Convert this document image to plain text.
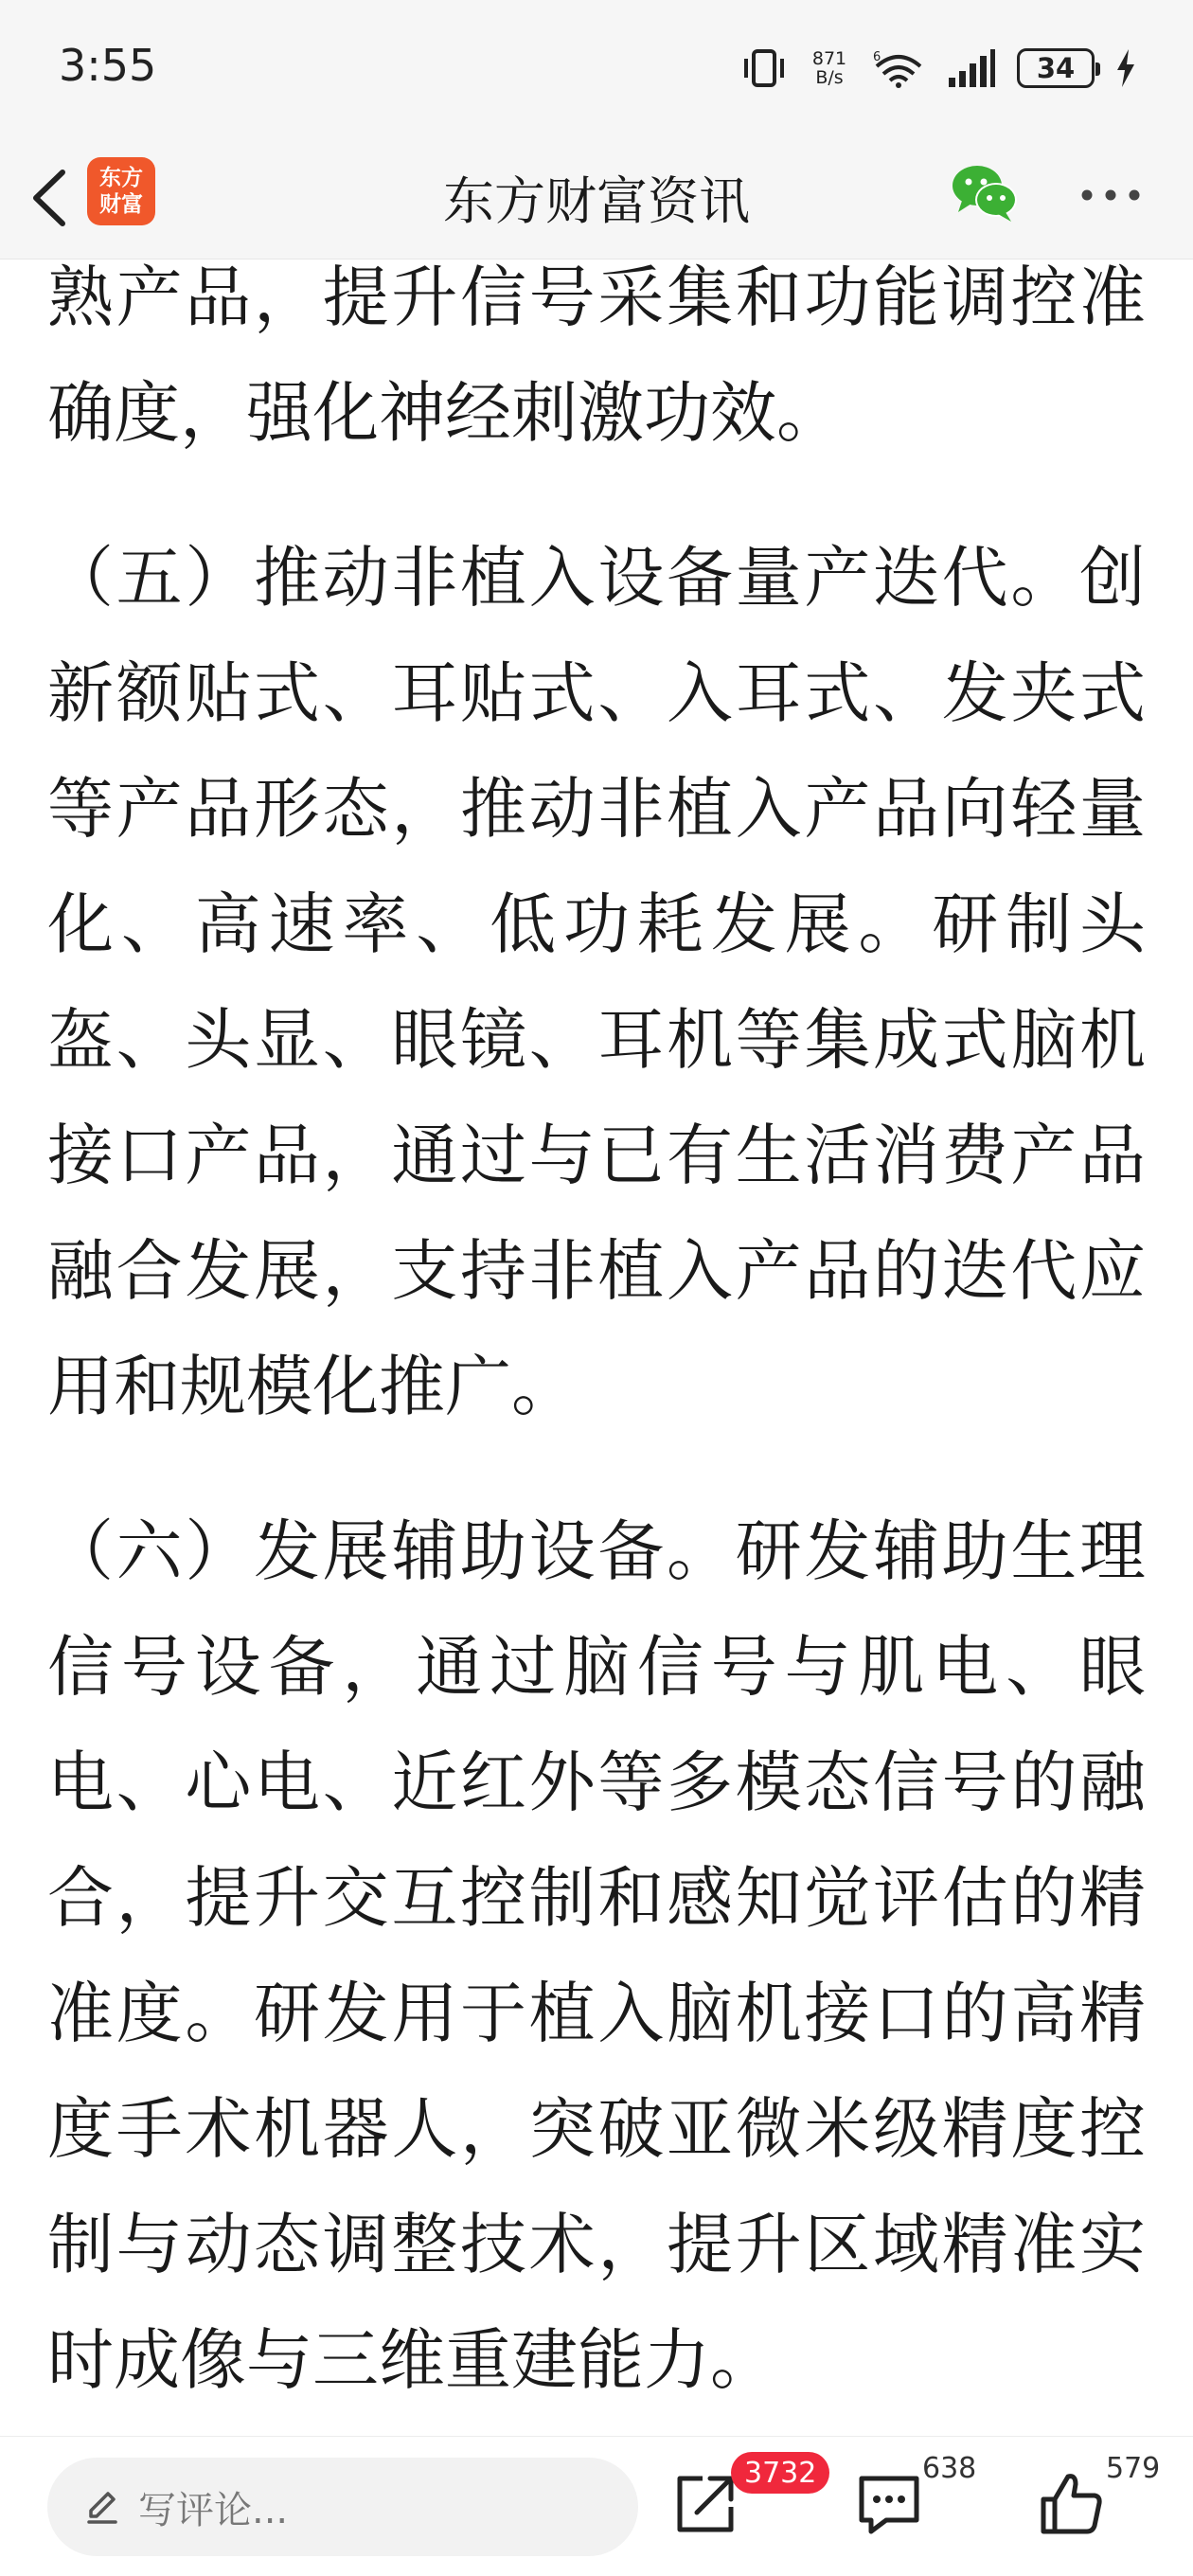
3:55	871
B/s
6	34
东方
财富	东方财富资讯

熟产品，提升信号采集和功能调控准确度，强化神经刺激功效。

（五）推动非植入设备量产迭代。创新额贴式、耳贴式、入耳式、发夹式等产品形态，推动非植入产品向轻量化、高速率、低功耗发展。研制头盔、头显、眼镜、耳机等集成式脑机接口产品，通过与已有生活消费产品融合发展，支持非植入产品的迭代应用和规模化推广。

（六）发展辅助设备。研发辅助生理信号设备，通过脑信号与肌电、眼电、心电、近红外等多模态信号的融合，提升交互控制和感知觉评估的精准度。研发用于植入脑机接口的高精度手术机器人，突破亚微米级精度控制与动态调整技术，提升区域精准实时成像与三维重建能力。

写评论...
3732	638	579
